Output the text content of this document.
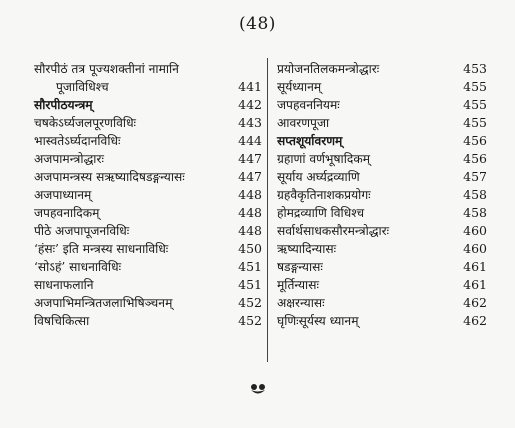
(48)
सौरपीठं तत्र पूज्यशक्तीनां नामानि
पूजाविधिश्च	441
सौरपीठयन्त्रम्	442
चषकेऽर्घ्यजलपूरणविधिः	443
भास्वतेऽर्घ्यदानविधिः	444
अजपामन्त्रोद्धारः	447
अजपामन्त्रस्य सऋष्यादिषडङ्गन्यासः	447
अजपाध्यानम्	448
जपहवनादिकम्	448
पीठे अजपापूजनविधिः	448
‘हंसः’ इति मन्त्रस्य साधनाविधिः	450
‘सोऽहं’ साधनाविधिः	451
साधनाफलानि	451
अजपाभिमन्त्रितजलाभिषिञ्चनम्	452
विषचिकित्सा	452
प्रयोजनतिलकमन्त्रोद्धारः	453
सूर्यध्यानम्	455
जपहवननियमः	455
आवरणपूजा	455
सप्तशूर्यावरणम्	456
ग्रहाणां वर्णभूषादिकम्	456
सूर्याय अर्घ्यद्रव्याणि	457
ग्रहवैकृतिनाशकप्रयोगः	458
होमद्रव्याणि विधिश्च	458
सर्वार्थसाधकसौरमन्त्रोद्धारः	460
ऋष्यादिन्यासः	460
षडङ्गन्यासः	461
मूर्तिन्यासः	461
अक्षरन्यासः	462
घृणिःसूर्यस्य ध्यानम्	462
